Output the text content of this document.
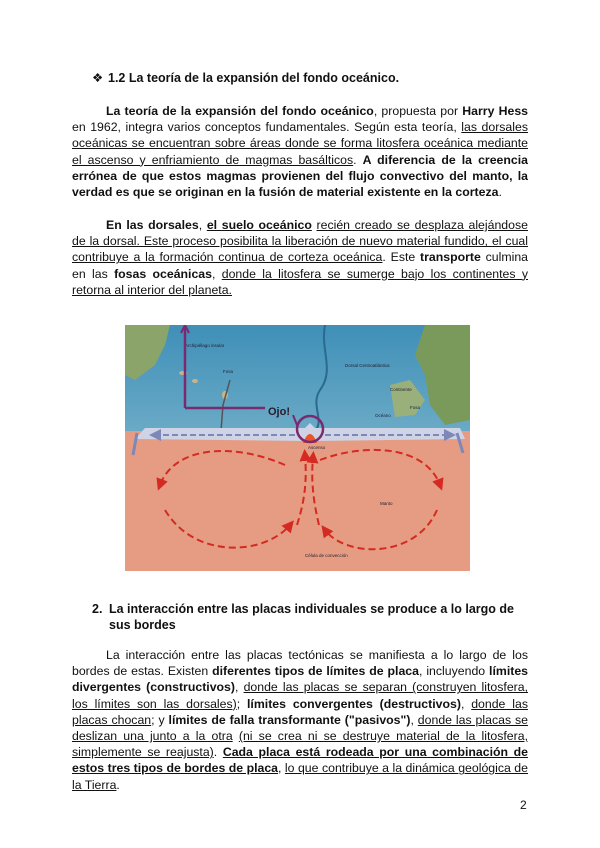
❖ 1.2 La teoría de la expansión del fondo oceánico.

La teoría de la expansión del fondo oceánico, propuesta por Harry Hess en 1962, integra varios conceptos fundamentales. Según esta teoría, las dorsales oceánicas se encuentran sobre áreas donde se forma litosfera oceánica mediante el ascenso y enfriamiento de magmas basálticos. A diferencia de la creencia errónea de que estos magmas provienen del flujo convectivo del manto, la verdad es que se originan en la fusión de material existente en la corteza.

En las dorsales, el suelo oceánico recién creado se desplaza alejándose de la dorsal. Este proceso posibilita la liberación de nuevo material fundido, el cual contribuye a la formación continua de corteza oceánica. Este transporte culmina en las fosas oceánicas, donde la litosfera se sumerge bajo los continentes y retorna al interior del planeta.

Archipiélago insular
Fosa
Dorsal Centroatlántica
Continente
Océano
Fosa
Ascenso
Manto
Célula de convección
Ojo!
2. La interacción entre las placas individuales se produce a lo largo de sus bordes

La interacción entre las placas tectónicas se manifiesta a lo largo de los bordes de estas. Existen diferentes tipos de límites de placa, incluyendo límites divergentes (constructivos), donde las placas se separan (construyen litosfera, los límites son las dorsales); límites convergentes (destructivos), donde las placas chocan; y límites de falla transformante ("pasivos"), donde las placas se deslizan una junto a la otra (ni se crea ni se destruye material de la litosfera, simplemente se reajusta). Cada placa está rodeada por una combinación de estos tres tipos de bordes de placa, lo que contribuye a la dinámica geológica de la Tierra.

2
